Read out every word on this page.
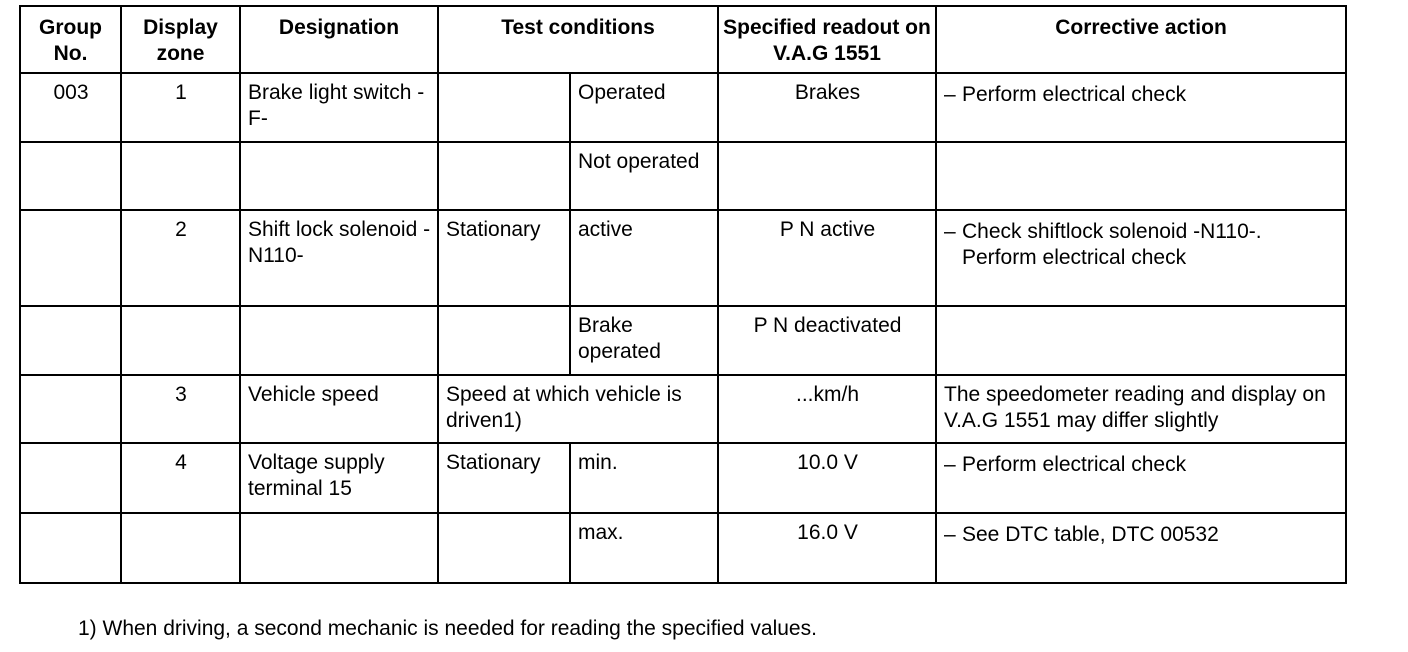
Group No.	Display zone	Designation	Test conditions		Specified readout on V.A.G 1551	Corrective action
003	1	Brake light switch -F-		Operated	Brakes	– Perform electrical check

				Not operated		
	2	Shift lock solenoid -N110-	Stationary	active	P N active	– Check shiftlock solenoid -N110-. Perform electrical check

				Brake operated	P N deactivated	
	3	Vehicle speed	Speed at which vehicle is driven1)		...km/h	The speedometer reading and display on V.A.G 1551 may differ slightly
	4	Voltage supply terminal 15	Stationary	min.	10.0 V	– Perform electrical check

				max.	16.0 V	– See DTC table, DTC 00532
1) When driving, a second mechanic is needed for reading the specified values.
